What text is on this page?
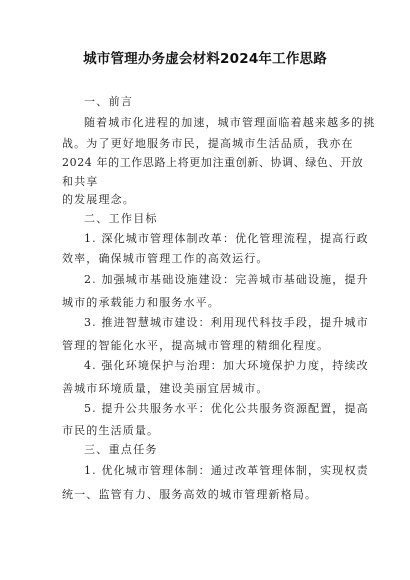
城市管理办务虚会材料2024年工作思路
一、前言
随着城市化进程的加速，城市管理面临着越来越多的挑
战。为了更好地服务市民，提高城市生活品质，我亦在
2024 年的工作思路上将更加注重创新、协调、绿色、开放
和共享
的发展理念。
二、工作目标
1. 深化城市管理体制改革：优化管理流程，提高行政
效率，确保城市管理工作的高效运行。
2. 加强城市基础设施建设：完善城市基础设施，提升
城市的承载能力和服务水平。
3. 推进智慧城市建设：利用现代科技手段，提升城市
管理的智能化水平，提高城市管理的精细化程度。
4. 强化环境保护与治理：加大环境保护力度，持续改
善城市环境质量，建设美丽宜居城市。
5. 提升公共服务水平：优化公共服务资源配置，提高
市民的生活质量。
三、重点任务
1. 优化城市管理体制：通过改革管理体制，实现权责
统一、监管有力、服务高效的城市管理新格局。
